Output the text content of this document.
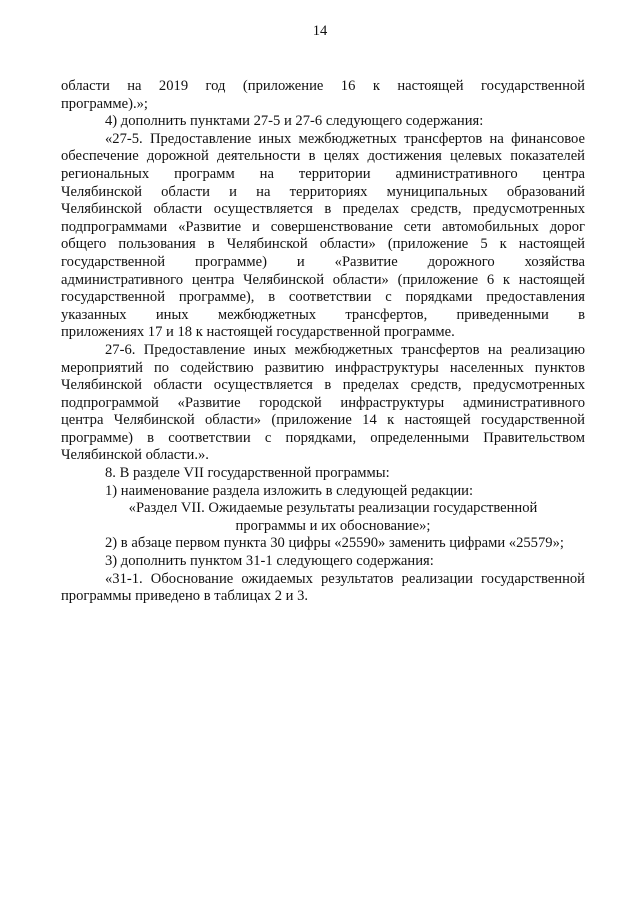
14
области на 2019 год (приложение 16 к настоящей государственной
программе).»;
4) дополнить пунктами 27-5 и 27-6 следующего содержания:
«27-5. Предоставление иных межбюджетных трансфертов на финансовое
обеспечение дорожной деятельности в целях достижения целевых показателей
региональных программ на территории административного центра
Челябинской области и на территориях муниципальных образований
Челябинской области осуществляется в пределах средств, предусмотренных
подпрограммами «Развитие и совершенствование сети автомобильных дорог
общего пользования в Челябинской области» (приложение 5 к настоящей
государственной программе) и «Развитие дорожного хозяйства
административного центра Челябинской области» (приложение 6 к настоящей
государственной программе), в соответствии с порядками предоставления
указанных иных межбюджетных трансфертов, приведенными в
приложениях 17 и 18 к настоящей государственной программе.
27-6. Предоставление иных межбюджетных трансфертов на реализацию
мероприятий по содействию развитию инфраструктуры населенных пунктов
Челябинской области осуществляется в пределах средств, предусмотренных
подпрограммой «Развитие городской инфраструктуры административного
центра Челябинской области» (приложение 14 к настоящей государственной
программе) в соответствии с порядками, определенными Правительством
Челябинской области.».
8. В разделе VII государственной программы:
1) наименование раздела изложить в следующей редакции:
«Раздел VII. Ожидаемые результаты реализации государственной
программы и их обоснование»;
2) в абзаце первом пункта 30 цифры «25590» заменить цифрами «25579»;
3) дополнить пунктом 31-1 следующего содержания:
«31-1. Обоснование ожидаемых результатов реализации государственной
программы приведено в таблицах 2 и 3.
